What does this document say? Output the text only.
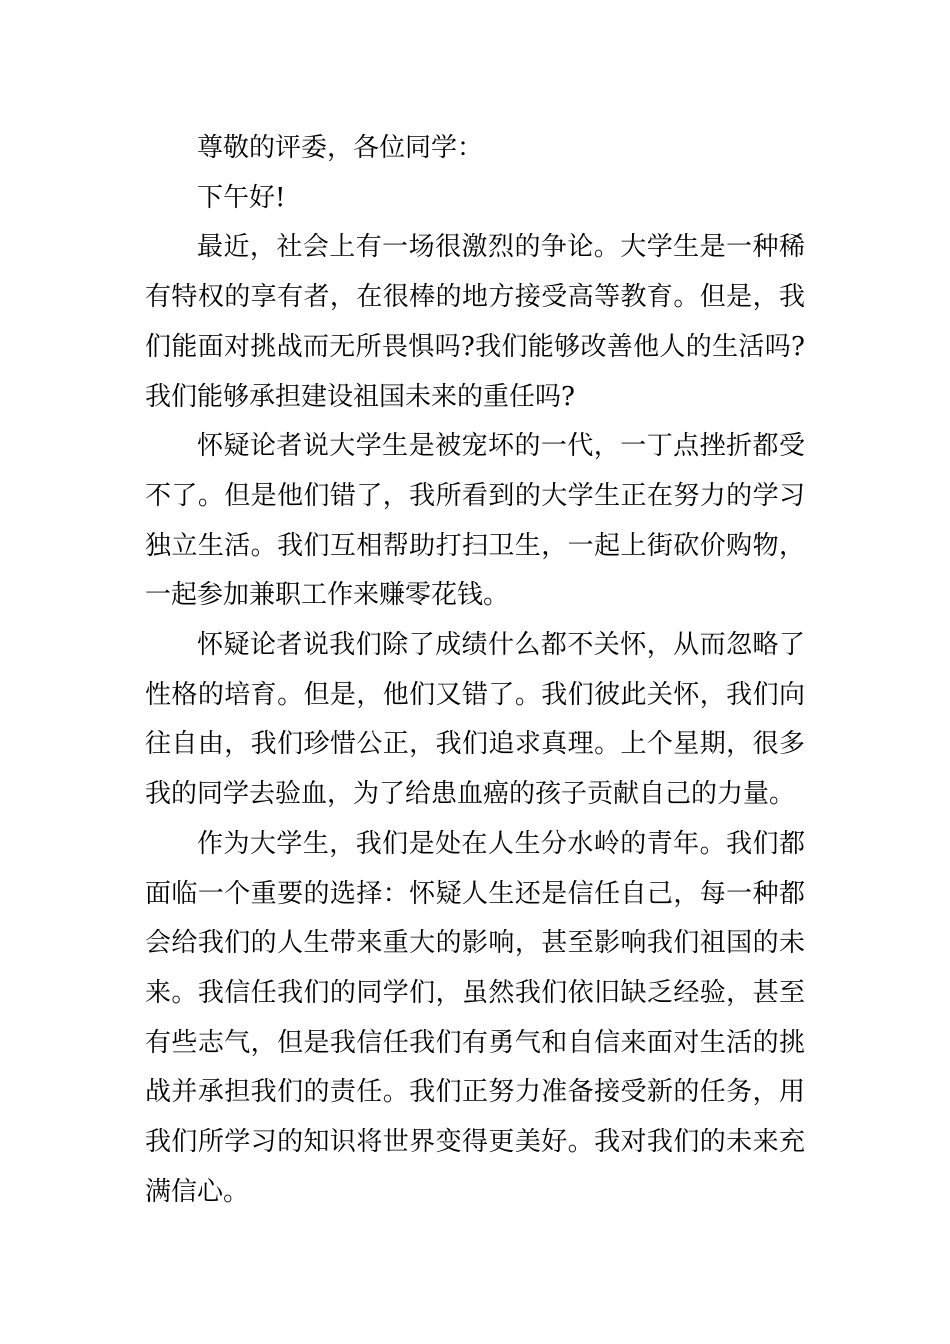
尊敬的评委，各位同学：

下午好!

最近，社会上有一场很激烈的争论。大学生是一种稀有特权的享有者，在很棒的地方接受高等教育。但是，我们能面对挑战而无所畏惧吗?我们能够改善他人的生活吗?我们能够承担建设祖国未来的重任吗?

怀疑论者说大学生是被宠坏的一代，一丁点挫折都受不了。但是他们错了，我所看到的大学生正在努力的学习独立生活。我们互相帮助打扫卫生，一起上街砍价购物，一起参加兼职工作来赚零花钱。

怀疑论者说我们除了成绩什么都不关怀，从而忽略了性格的培育。但是，他们又错了。我们彼此关怀，我们向往自由，我们珍惜公正，我们追求真理。上个星期，很多我的同学去验血，为了给患血癌的孩子贡献自己的力量。

作为大学生，我们是处在人生分水岭的青年。我们都面临一个重要的选择：怀疑人生还是信任自己，每一种都会给我们的人生带来重大的影响，甚至影响我们祖国的未来。我信任我们的同学们，虽然我们依旧缺乏经验，甚至有些志气，但是我信任我们有勇气和自信来面对生活的挑战并承担我们的责任。我们正努力准备接受新的任务，用我们所学习的知识将世界变得更美好。我对我们的未来充满信心。
